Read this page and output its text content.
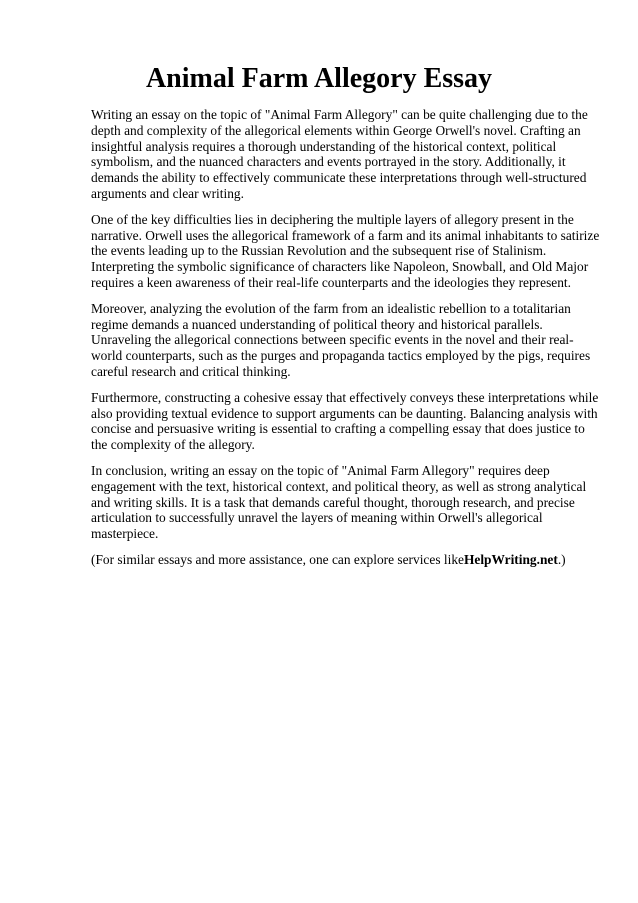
Animal Farm Allegory Essay

Writing an essay on the topic of "Animal Farm Allegory" can be quite challenging due to the depth and complexity of the allegorical elements within George Orwell's novel. Crafting an insightful analysis requires a thorough understanding of the historical context, political symbolism, and the nuanced characters and events portrayed in the story. Additionally, it demands the ability to effectively communicate these interpretations through well-structured arguments and clear writing.

One of the key difficulties lies in deciphering the multiple layers of allegory present in the narrative. Orwell uses the allegorical framework of a farm and its animal inhabitants to satirize the events leading up to the Russian Revolution and the subsequent rise of Stalinism. Interpreting the symbolic significance of characters like Napoleon, Snowball, and Old Major requires a keen awareness of their real-life counterparts and the ideologies they represent.

Moreover, analyzing the evolution of the farm from an idealistic rebellion to a totalitarian regime demands a nuanced understanding of political theory and historical parallels. Unraveling the allegorical connections between specific events in the novel and their real-world counterparts, such as the purges and propaganda tactics employed by the pigs, requires careful research and critical thinking.

Furthermore, constructing a cohesive essay that effectively conveys these interpretations while also providing textual evidence to support arguments can be daunting. Balancing analysis with concise and persuasive writing is essential to crafting a compelling essay that does justice to the complexity of the allegory.

In conclusion, writing an essay on the topic of "Animal Farm Allegory" requires deep engagement with the text, historical context, and political theory, as well as strong analytical and writing skills. It is a task that demands careful thought, thorough research, and precise articulation to successfully unravel the layers of meaning within Orwell's allegorical masterpiece.

(For similar essays and more assistance, one can explore services likeHelpWriting.net.)
